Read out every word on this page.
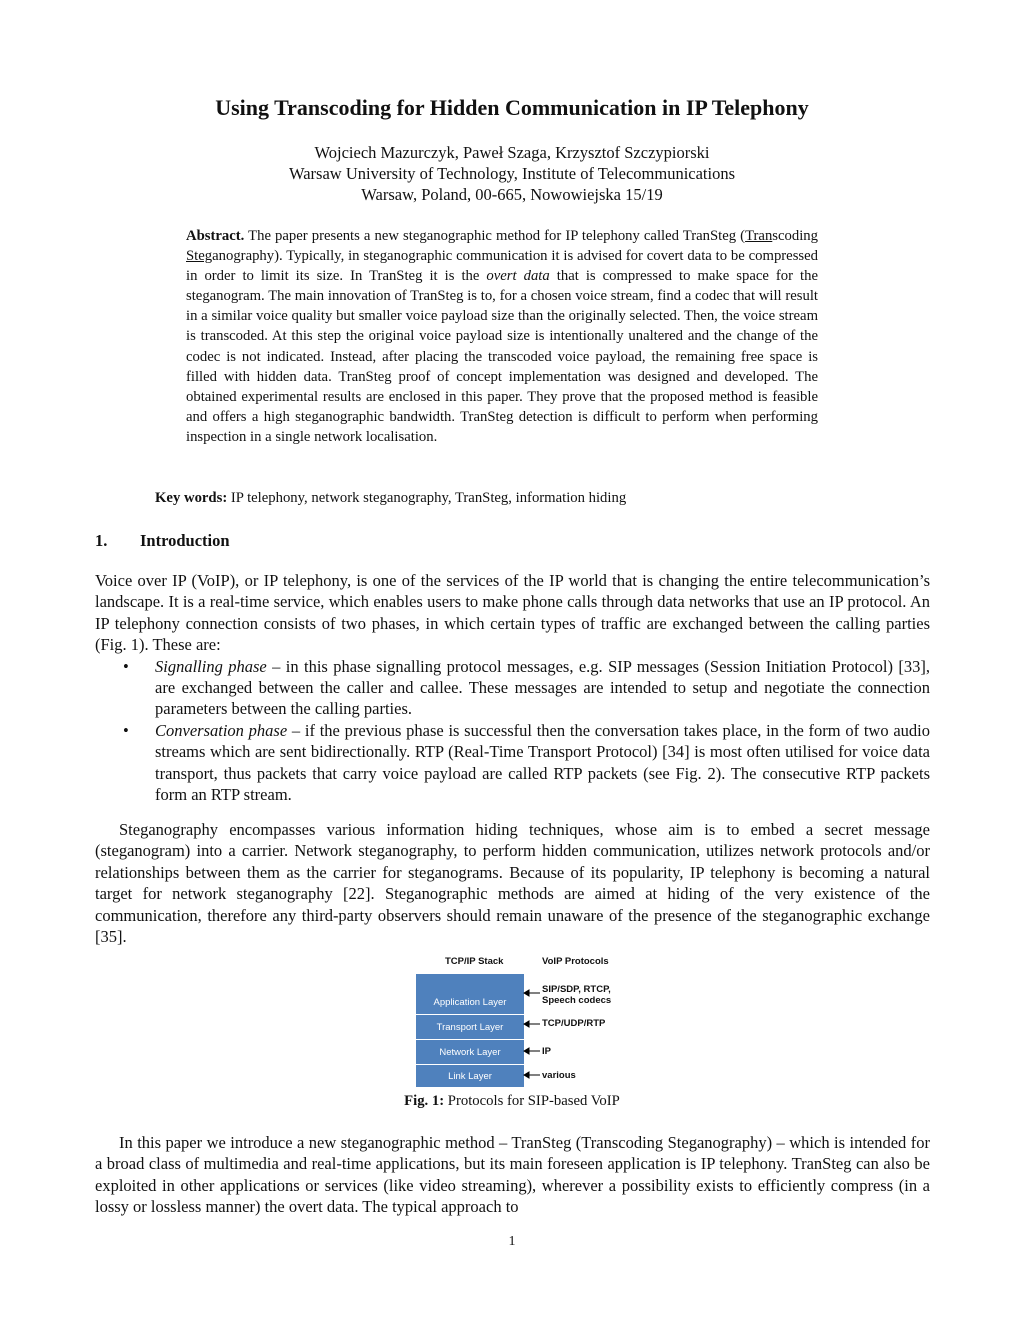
Using Transcoding for Hidden Communication in IP Telephony
Wojciech Mazurczyk, Paweł Szaga, Krzysztof Szczypiorski
Warsaw University of Technology, Institute of Telecommunications
Warsaw, Poland, 00-665, Nowowiejska 15/19
Abstract. The paper presents a new steganographic method for IP telephony called TranSteg (Transcoding Steganography). Typically, in steganographic communication it is advised for covert data to be compressed in order to limit its size. In TranSteg it is the overt data that is compressed to make space for the steganogram. The main innovation of TranSteg is to, for a chosen voice stream, find a codec that will result in a similar voice quality but smaller voice payload size than the originally selected. Then, the voice stream is transcoded. At this step the original voice payload size is intentionally unaltered and the change of the codec is not indicated. Instead, after placing the transcoded voice payload, the remaining free space is filled with hidden data. TranSteg proof of concept implementation was designed and developed. The obtained experimental results are enclosed in this paper. They prove that the proposed method is feasible and offers a high steganographic bandwidth. TranSteg detection is difficult to perform when performing inspection in a single network localisation.
Key words: IP telephony, network steganography, TranSteg, information hiding
1. Introduction
Voice over IP (VoIP), or IP telephony, is one of the services of the IP world that is changing the entire telecommunication’s landscape. It is a real-time service, which enables users to make phone calls through data networks that use an IP protocol. An IP telephony connection consists of two phases, in which certain types of traffic are exchanged between the calling parties (Fig. 1). These are:
• Signalling phase – in this phase signalling protocol messages, e.g. SIP messages (Session Initiation Protocol) [33], are exchanged between the caller and callee. These messages are intended to setup and negotiate the connection parameters between the calling parties.
• Conversation phase – if the previous phase is successful then the conversation takes place, in the form of two audio streams which are sent bidirectionally. RTP (Real-Time Transport Protocol) [34] is most often utilised for voice data transport, thus packets that carry voice payload are called RTP packets (see Fig. 2). The consecutive RTP packets form an RTP stream.
Steganography encompasses various information hiding techniques, whose aim is to embed a secret message (steganogram) into a carrier. Network steganography, to perform hidden communication, utilizes network protocols and/or relationships between them as the carrier for steganograms. Because of its popularity, IP telephony is becoming a natural target for network steganography [22]. Steganographic methods are aimed at hiding of the very existence of the communication, therefore any third-party observers should remain unaware of the presence of the steganographic exchange [35].
TCP/IP Stack	VoIP Protocols
Application Layer
Transport Layer
Network Layer
Link Layer
SIP/SDP, RTCP,
Speech codecs
TCP/UDP/RTP
IP
various
Fig. 1: Protocols for SIP-based VoIP
In this paper we introduce a new steganographic method – TranSteg (Transcoding Steganography) – which is intended for a broad class of multimedia and real-time applications, but its main foreseen application is IP telephony. TranSteg can also be exploited in other applications or services (like video streaming), wherever a possibility exists to efficiently compress (in a lossy or lossless manner) the overt data. The typical approach to
1
